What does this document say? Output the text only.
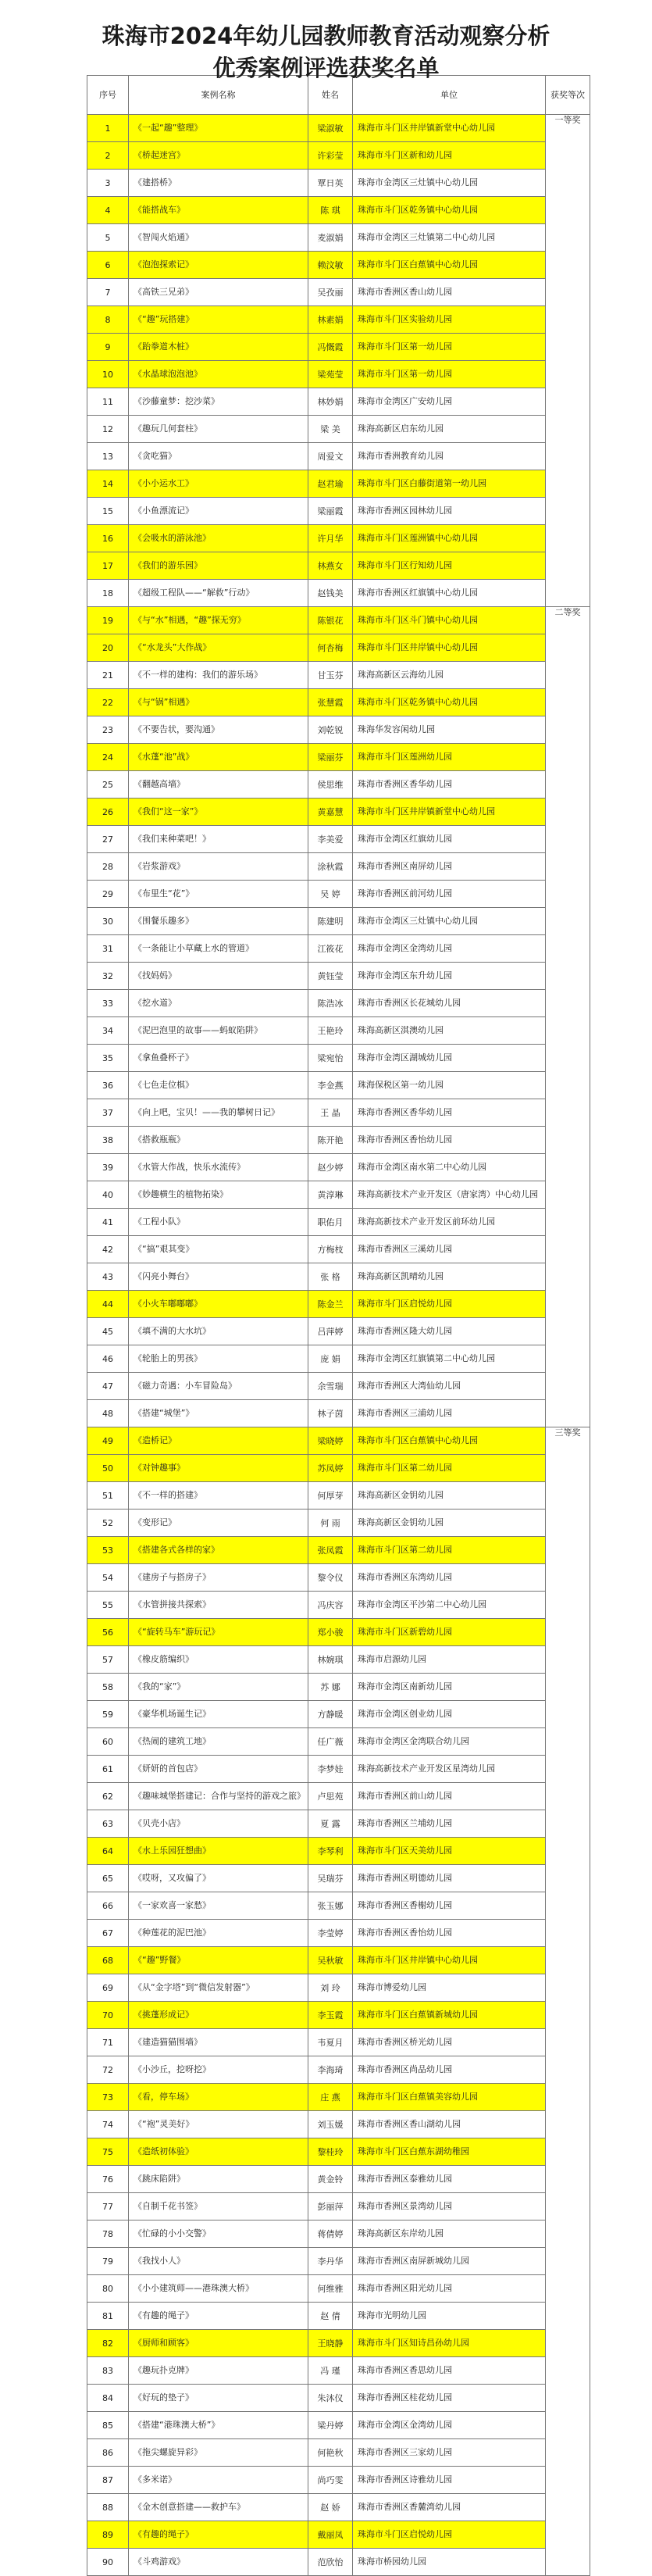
珠海市2024年幼儿园教师教育活动观察分析
优秀案例评选获奖名单
序号	案例名称	姓名	单位	获奖等次
1	《一起“趣”整理》	梁淑敏	珠海市斗门区井岸镇新堂中心幼儿园	一等奖
2	《桥起迷宫》	许彩莹	珠海市斗门区新和幼儿园	
3	《建搭桥》	覃日英	珠海市金湾区三灶镇中心幼儿园	
4	《能搭战车》	陈 琪	珠海市斗门区乾务镇中心幼儿园	
5	《智闯火焰通》	麦淑娟	珠海市金湾区三灶镇第二中心幼儿园	
6	《泡泡探索记》	赖汶敏	珠海市斗门区白蕉镇中心幼儿园	
7	《高铁三兄弟》	吴孜丽	珠海市香洲区香山幼儿园	
8	《“趣”玩搭建》	林素娟	珠海市斗门区实验幼儿园	
9	《跆拳道木桩》	冯慨霞	珠海市斗门区第一幼儿园	
10	《水晶球泡泡池》	梁苑莹	珠海市斗门区第一幼儿园	
11	《沙藤童梦：挖沙菜》	林妙娟	珠海市金湾区广安幼儿园	
12	《趣玩几何套柱》	梁 美	珠海高新区启东幼儿园	
13	《贪吃猫》	周爱文	珠海市香洲教育幼儿园	
14	《小小运水工》	赵君瑜	珠海市斗门区白藤街道第一幼儿园	
15	《小鱼漂流记》	梁丽霞	珠海市香洲区园林幼儿园	
16	《会吸水的游泳池》	许月华	珠海市斗门区莲洲镇中心幼儿园	
17	《我们的游乐园》	林燕女	珠海市斗门区行知幼儿园	
18	《超级工程队——“解救”行动》	赵钱美	珠海市香洲区红旗镇中心幼儿园	
19	《与“水”相遇，“趣”探无穷》	陈银花	珠海市斗门区斗门镇中心幼儿园	二等奖
20	《“水龙头”大作战》	何杏梅	珠海市斗门区井岸镇中心幼儿园	
21	《不一样的建构：我们的游乐场》	甘玉芬	珠海高新区云海幼儿园	
22	《与“锅”相遇》	张慧霞	珠海市斗门区乾务镇中心幼儿园	
23	《不要告状，要沟通》	刘乾锐	珠海华发容闲幼儿园	
24	《水蓬“池”战》	梁丽芬	珠海市斗门区莲洲幼儿园	
25	《翻越高墙》	侯思维	珠海市香洲区香华幼儿园	
26	《我们“这一家”》	黄嘉慧	珠海市斗门区井岸镇新堂中心幼儿园	
27	《我们来种菜吧！》	李美爱	珠海市金湾区红旗幼儿园	
28	《岩浆游戏》	涂秋霞	珠海市香洲区南屏幼儿园	
29	《布里生“花”》	吴 婷	珠海市香洲区前河幼儿园	
30	《围餐乐趣多》	陈建明	珠海市金湾区三灶镇中心幼儿园	
31	《一条能让小草藏上水的管道》	江筱花	珠海市金湾区金湾幼儿园	
32	《找妈妈》	黄钰莹	珠海市金湾区东升幼儿园	
33	《挖水道》	陈浩冰	珠海市香洲区长花城幼儿园	
34	《泥巴泡里的故事——蚂蚁陷阱》	王艳玲	珠海高新区淇澳幼儿园	
35	《拿鱼叠杯子》	梁宛怡	珠海市金湾区湖城幼儿园	
36	《七色走位棋》	李金燕	珠海保税区第一幼儿园	
37	《向上吧，宝贝！——我的攀树日记》	王 晶	珠海市香洲区香华幼儿园	
38	《搭救瓶瓶》	陈开艳	珠海市香洲区香怡幼儿园	
39	《水管大作战，快乐水流传》	赵少婷	珠海市金湾区南水第二中心幼儿园	
40	《妙趣横生的植物拓染》	黄淳琳	珠海高新技术产业开发区（唐家湾）中心幼儿园	
41	《工程小队》	职佑月	珠海高新技术产业开发区前环幼儿园	
42	《“搞”艰其变》	方梅枝	珠海市香洲区三溪幼儿园	
43	《闪亮小舞台》	张 格	珠海高新区凯晴幼儿园	
44	《小火车嘟嘟嘟》	陈金兰	珠海市斗门区启悦幼儿园	
45	《填不满的大水坑》	吕萍婷	珠海市香洲区隆大幼儿园	
46	《轮胎上的男孩》	庞 娟	珠海市金湾区红旗镇第二中心幼儿园	
47	《磁力奇遇：小车冒险岛》	余雪瑞	珠海市香洲区大湾仙幼儿园	
48	《搭建“城堡”》	林子茵	珠海市香洲区三浦幼儿园	
49	《造桥记》	梁晓婷	珠海市斗门区白蕉镇中心幼儿园	三等奖
50	《对钟趣事》	苏凤婷	珠海市斗门区第二幼儿园	
51	《不一样的搭建》	何厚芽	珠海高新区金钥幼儿园	
52	《变形记》	何 雨	珠海高新区金钥幼儿园	
53	《搭建各式各样的家》	张凤霞	珠海市斗门区第二幼儿园	
54	《建房子与搭房子》	黎令仪	珠海市香洲区东湾幼儿园	
55	《水管拼接共探索》	冯庆容	珠海市金湾区平沙第二中心幼儿园	
56	《“旋转马车”游玩记》	郑小骏	珠海市斗门区新碧幼儿园	
57	《橡皮筋编织》	林婉琪	珠海市启源幼儿园	
58	《我的“家”》	苏 娜	珠海市金湾区南新幼儿园	
59	《豪华机场诞生记》	方静暖	珠海市金湾区创业幼儿园	
60	《热闹的建筑工地》	任广薇	珠海市金湾区金湾联合幼儿园	
61	《妍妍的首包店》	李梦娃	珠海高新技术产业开发区星湾幼儿园	
62	《趣味城堡搭建记：合作与坚持的游戏之旅》	卢思苑	珠海市香洲区前山幼儿园	
63	《贝壳小店》	夏 露	珠海市香洲区兰埔幼儿园	
64	《水上乐园狂想曲》	李琴利	珠海市斗门区天美幼儿园	
65	《哎呀，又攻偏了》	吴瑞芬	珠海市香洲区明德幼儿园	
66	《一家欢喜一家愁》	张玉娜	珠海市香洲区香榭幼儿园	
67	《种莲花的泥巴池》	李莹婷	珠海市香洲区香怡幼儿园	
68	《“趣”野餐》	吴秋敏	珠海市斗门区井岸镇中心幼儿园	
69	《从“金字塔”到“微信发射器”》	刘 玲	珠海市博爱幼儿园	
70	《挑蓬形成记》	李玉霞	珠海市斗门区白蕉镇新城幼儿园	
71	《建造猫猫围墙》	韦夏月	珠海市香洲区桥光幼儿园	
72	《小沙丘，挖呀挖》	李海琦	珠海市香洲区尚品幼儿园	
73	《看，停车场》	庄 燕	珠海市斗门区白蕉镇美容幼儿园	
74	《“袍”灵美好》	刘玉媛	珠海市香洲区香山湖幼儿园	
75	《造纸初体验》	黎桂玲	珠海市斗门区白蕉东湖幼稚园	
76	《跳床陷阱》	黄金铃	珠海市香洲区泰雅幼儿园	
77	《自制千花书签》	彭丽萍	珠海市香洲区景湾幼儿园	
78	《忙碌的小小交警》	蒋倩婷	珠海高新区东岸幼儿园	
79	《我找小人》	李丹华	珠海市香洲区南屏新城幼儿园	
80	《小小建筑师——港珠澳大桥》	何维雅	珠海市香洲区阳光幼儿园	
81	《有趣的绳子》	赵 倩	珠海市光明幼儿园	
82	《厨师和顾客》	王晓静	珠海市斗门区知诗昌孙幼儿园	
83	《趣玩扑克牌》	冯 瑾	珠海市香洲区香思幼儿园	
84	《好玩的垫子》	朱沐仪	珠海市香洲区桂花幼儿园	
85	《搭建“港珠澳大桥”》	梁丹婷	珠海市金湾区金湾幼儿园	
86	《拖尖螺旋异彩》	何艳秋	珠海市香洲区三家幼儿园	
87	《多米诺》	尚巧雯	珠海市香洲区诗雅幼儿园	
88	《金木创意搭建——救护车》	赵 娇	珠海市香洲区香麓湾幼儿园	
89	《有趣的绳子》	戴丽凤	珠海市斗门区启悦幼儿园	
90	《斗鸡游戏》	范欣怡	珠海市桥园幼儿园	
